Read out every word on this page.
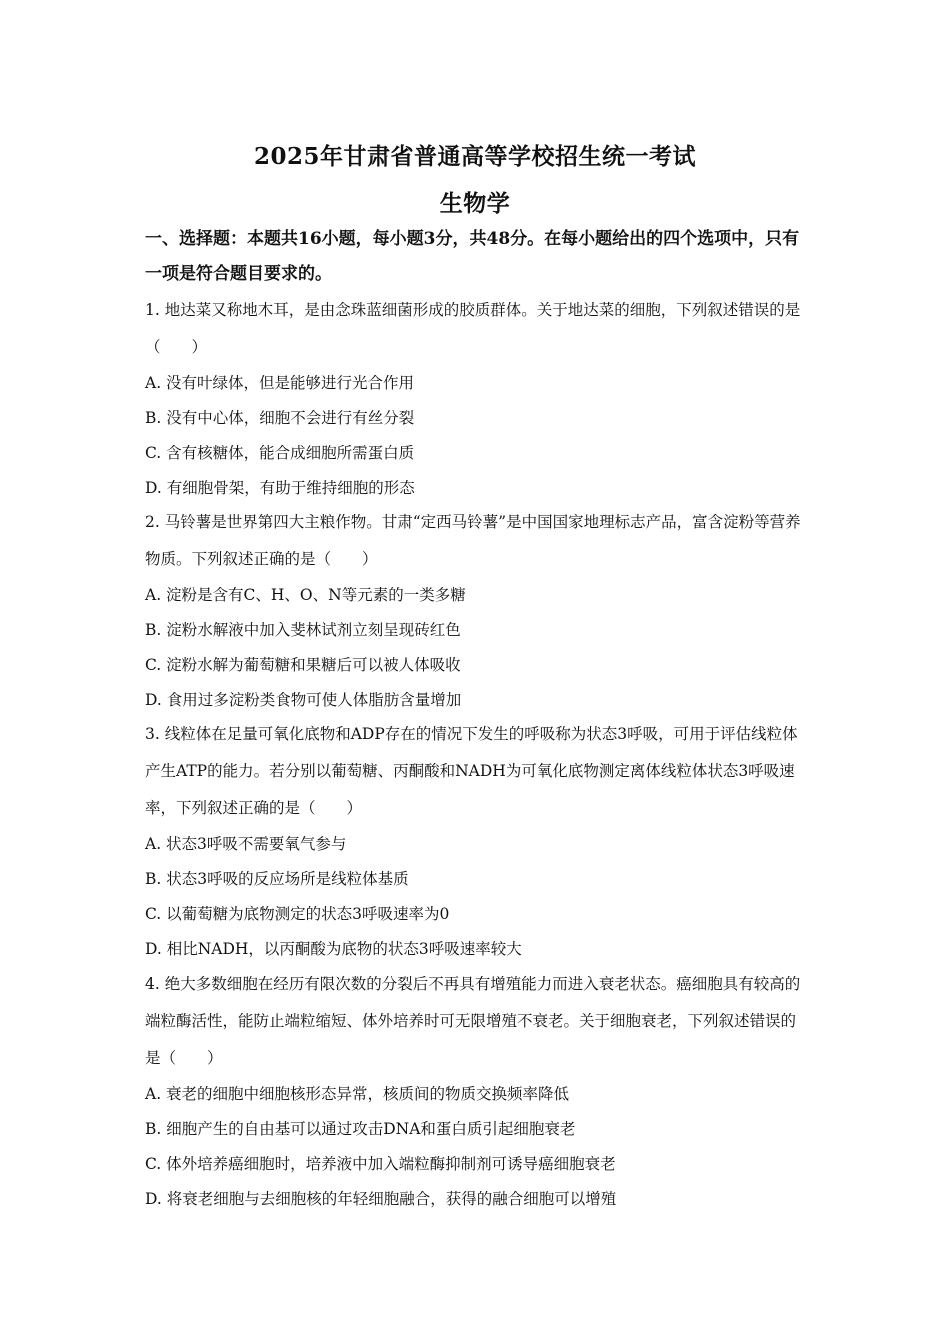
2025年甘肃省普通高等学校招生统一考试
生物学
一、选择题：本题共16小题，每小题3分，共48分。在每小题给出的四个选项中，只有一项是符合题目要求的。
1. 地达菜又称地木耳，是由念珠蓝细菌形成的胶质群体。关于地达菜的细胞，下列叙述错误的是（　　）
A. 没有叶绿体，但是能够进行光合作用
B. 没有中心体，细胞不会进行有丝分裂
C. 含有核糖体，能合成细胞所需蛋白质
D. 有细胞骨架，有助于维持细胞的形态
2. 马铃薯是世界第四大主粮作物。甘肃“定西马铃薯”是中国国家地理标志产品，富含淀粉等营养物质。下列叙述正确的是（　　）
A. 淀粉是含有C、H、O、N等元素的一类多糖
B. 淀粉水解液中加入斐林试剂立刻呈现砖红色
C. 淀粉水解为葡萄糖和果糖后可以被人体吸收
D. 食用过多淀粉类食物可使人体脂肪含量增加
3. 线粒体在足量可氧化底物和ADP存在的情况下发生的呼吸称为状态3呼吸，可用于评估线粒体产生ATP的能力。若分别以葡萄糖、丙酮酸和NADH为可氧化底物测定离体线粒体状态3呼吸速率，下列叙述正确的是（　　）
A. 状态3呼吸不需要氧气参与
B. 状态3呼吸的反应场所是线粒体基质
C. 以葡萄糖为底物测定的状态3呼吸速率为0
D. 相比NADH，以丙酮酸为底物的状态3呼吸速率较大
4. 绝大多数细胞在经历有限次数的分裂后不再具有增殖能力而进入衰老状态。癌细胞具有较高的端粒酶活性，能防止端粒缩短、体外培养时可无限增殖不衰老。关于细胞衰老，下列叙述错误的是（　　）
A. 衰老的细胞中细胞核形态异常，核质间的物质交换频率降低
B. 细胞产生的自由基可以通过攻击DNA和蛋白质引起细胞衰老
C. 体外培养癌细胞时，培养液中加入端粒酶抑制剂可诱导癌细胞衰老
D. 将衰老细胞与去细胞核的年轻细胞融合，获得的融合细胞可以增殖
